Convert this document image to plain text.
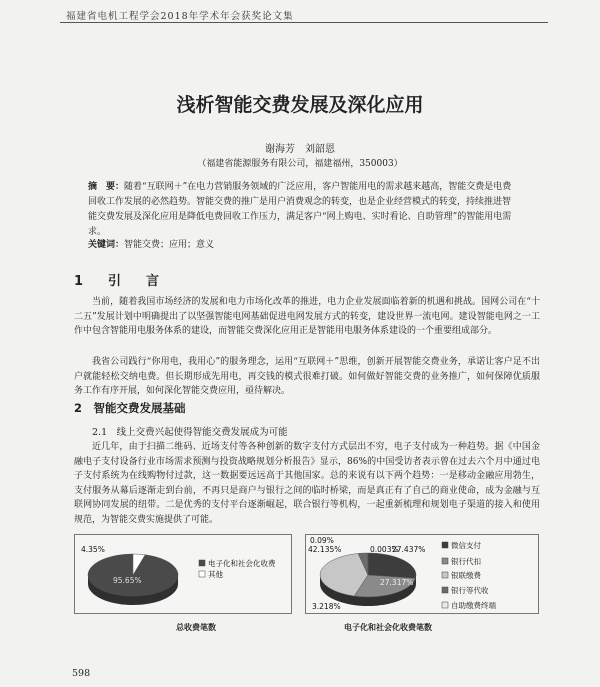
福建省电机工程学会2018年学术年会获奖论文集
浅析智能交费发展及深化应用
谢海芳　刘韶恩
（福建省能源服务有限公司，福建福州，350003）
摘　要：随着“互联网＋”在电力营销服务领域的广泛应用，客户智能用电的需求越来越高，智能交费是电费回收工作发展的必然趋势。智能交费的推广是用户消费观念的转变，也是企业经营模式的转变，持续推进智能交费发展及深化应用是降低电费回收工作压力，满足客户“网上购电、实时看论、自助管理”的智能用电需求。
关键词：智能交费；应用；意义
1　引　言
当前，随着我国市场经济的发展和电力市场化改革的推进，电力企业发展面临着新的机遇和挑战。国网公司在“十二五”发展计划中明确提出了以坚强智能电网基础促进电网发展方式的转变，建设世界一流电网。建设智能电网之一工作中包含智能用电服务体系的建设，而智能交费深化应用正是智能用电服务体系建设的一个重要组成部分。
我省公司践行“你用电，我用心”的服务理念，运用“互联网＋”思维，创新开展智能交费业务，承诺让客户足不出户就能轻松交纳电费。但长期形成先用电，再交钱的模式很难打破。如何做好智能交费的业务推广，如何保障优质服务工作有序开展，如何深化智能交费应用，亟待解决。
2　智能交费发展基础
2.1　线上交费兴起使得智能交费发展成为可能
近几年，由于扫描二维码、近场支付等各种创新的数字支付方式层出不穷，电子支付成为一种趋势。据《中国金融电子支付设备行业市场需求预测与投资战略规划分析报告》显示，86%的中国受访者表示曾在过去六个月中通过电子支付系统为在线购物付过款，这一数据要远远高于其他国家。总的来说有以下两个趋势：一是移动金融应用勃生，支付服务从幕后逐渐走到台前，不再只是商户与银行之间的临时桥梁，而是真正有了自己的商业使命，成为金融与互联网协同发展的纽带。二是优秀的支付平台逐渐崛起，联合银行等机构，一起重新梳理和规划电子渠道的接入和使用规范，为智能交费实施提供了可能。
95.65%
4.35%
电子化和社会化收费
其他
27.437%
27.317%
42.135%
3.218%
0.09%
0.003%	微信支付
银行代扣
银联缴费
银行等代收
自助缴费终端
总收费笔数	电子化和社会化收费笔数
598
